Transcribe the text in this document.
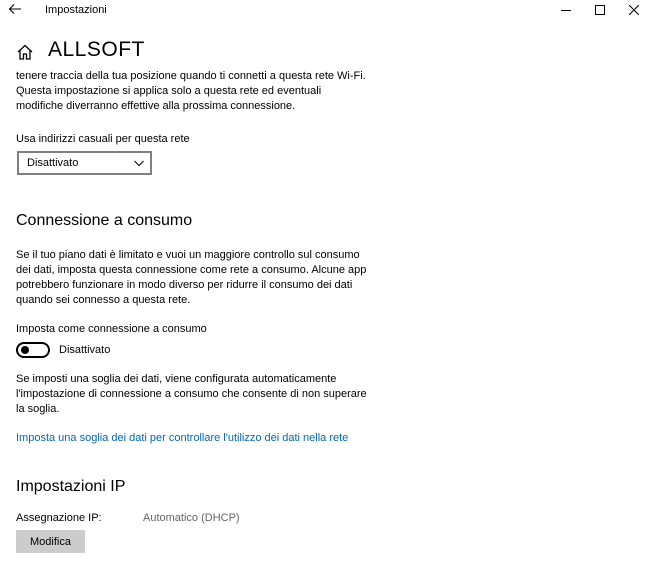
Impostazioni
ALLSOFT
tenere traccia della tua posizione quando ti connetti a questa rete Wi-Fi.
Questa impostazione si applica solo a questa rete ed eventuali
modifiche diverranno effettive alla prossima connessione.
Usa indirizzi casuali per questa rete
Disattivato
Connessione a consumo
Se il tuo piano dati è limitato e vuoi un maggiore controllo sul consumo
dei dati, imposta questa connessione come rete a consumo. Alcune app
potrebbero funzionare in modo diverso per ridurre il consumo dei dati
quando sei connesso a questa rete.
Imposta come connessione a consumo
Disattivato
Se imposti una soglia dei dati, viene configurata automaticamente
l'impostazione di connessione a consumo che consente di non superare
la soglia.
Imposta una soglia dei dati per controllare l'utilizzo dei dati nella rete
Impostazioni IP
Assegnazione IP:	Automatico (DHCP)
Modifica
